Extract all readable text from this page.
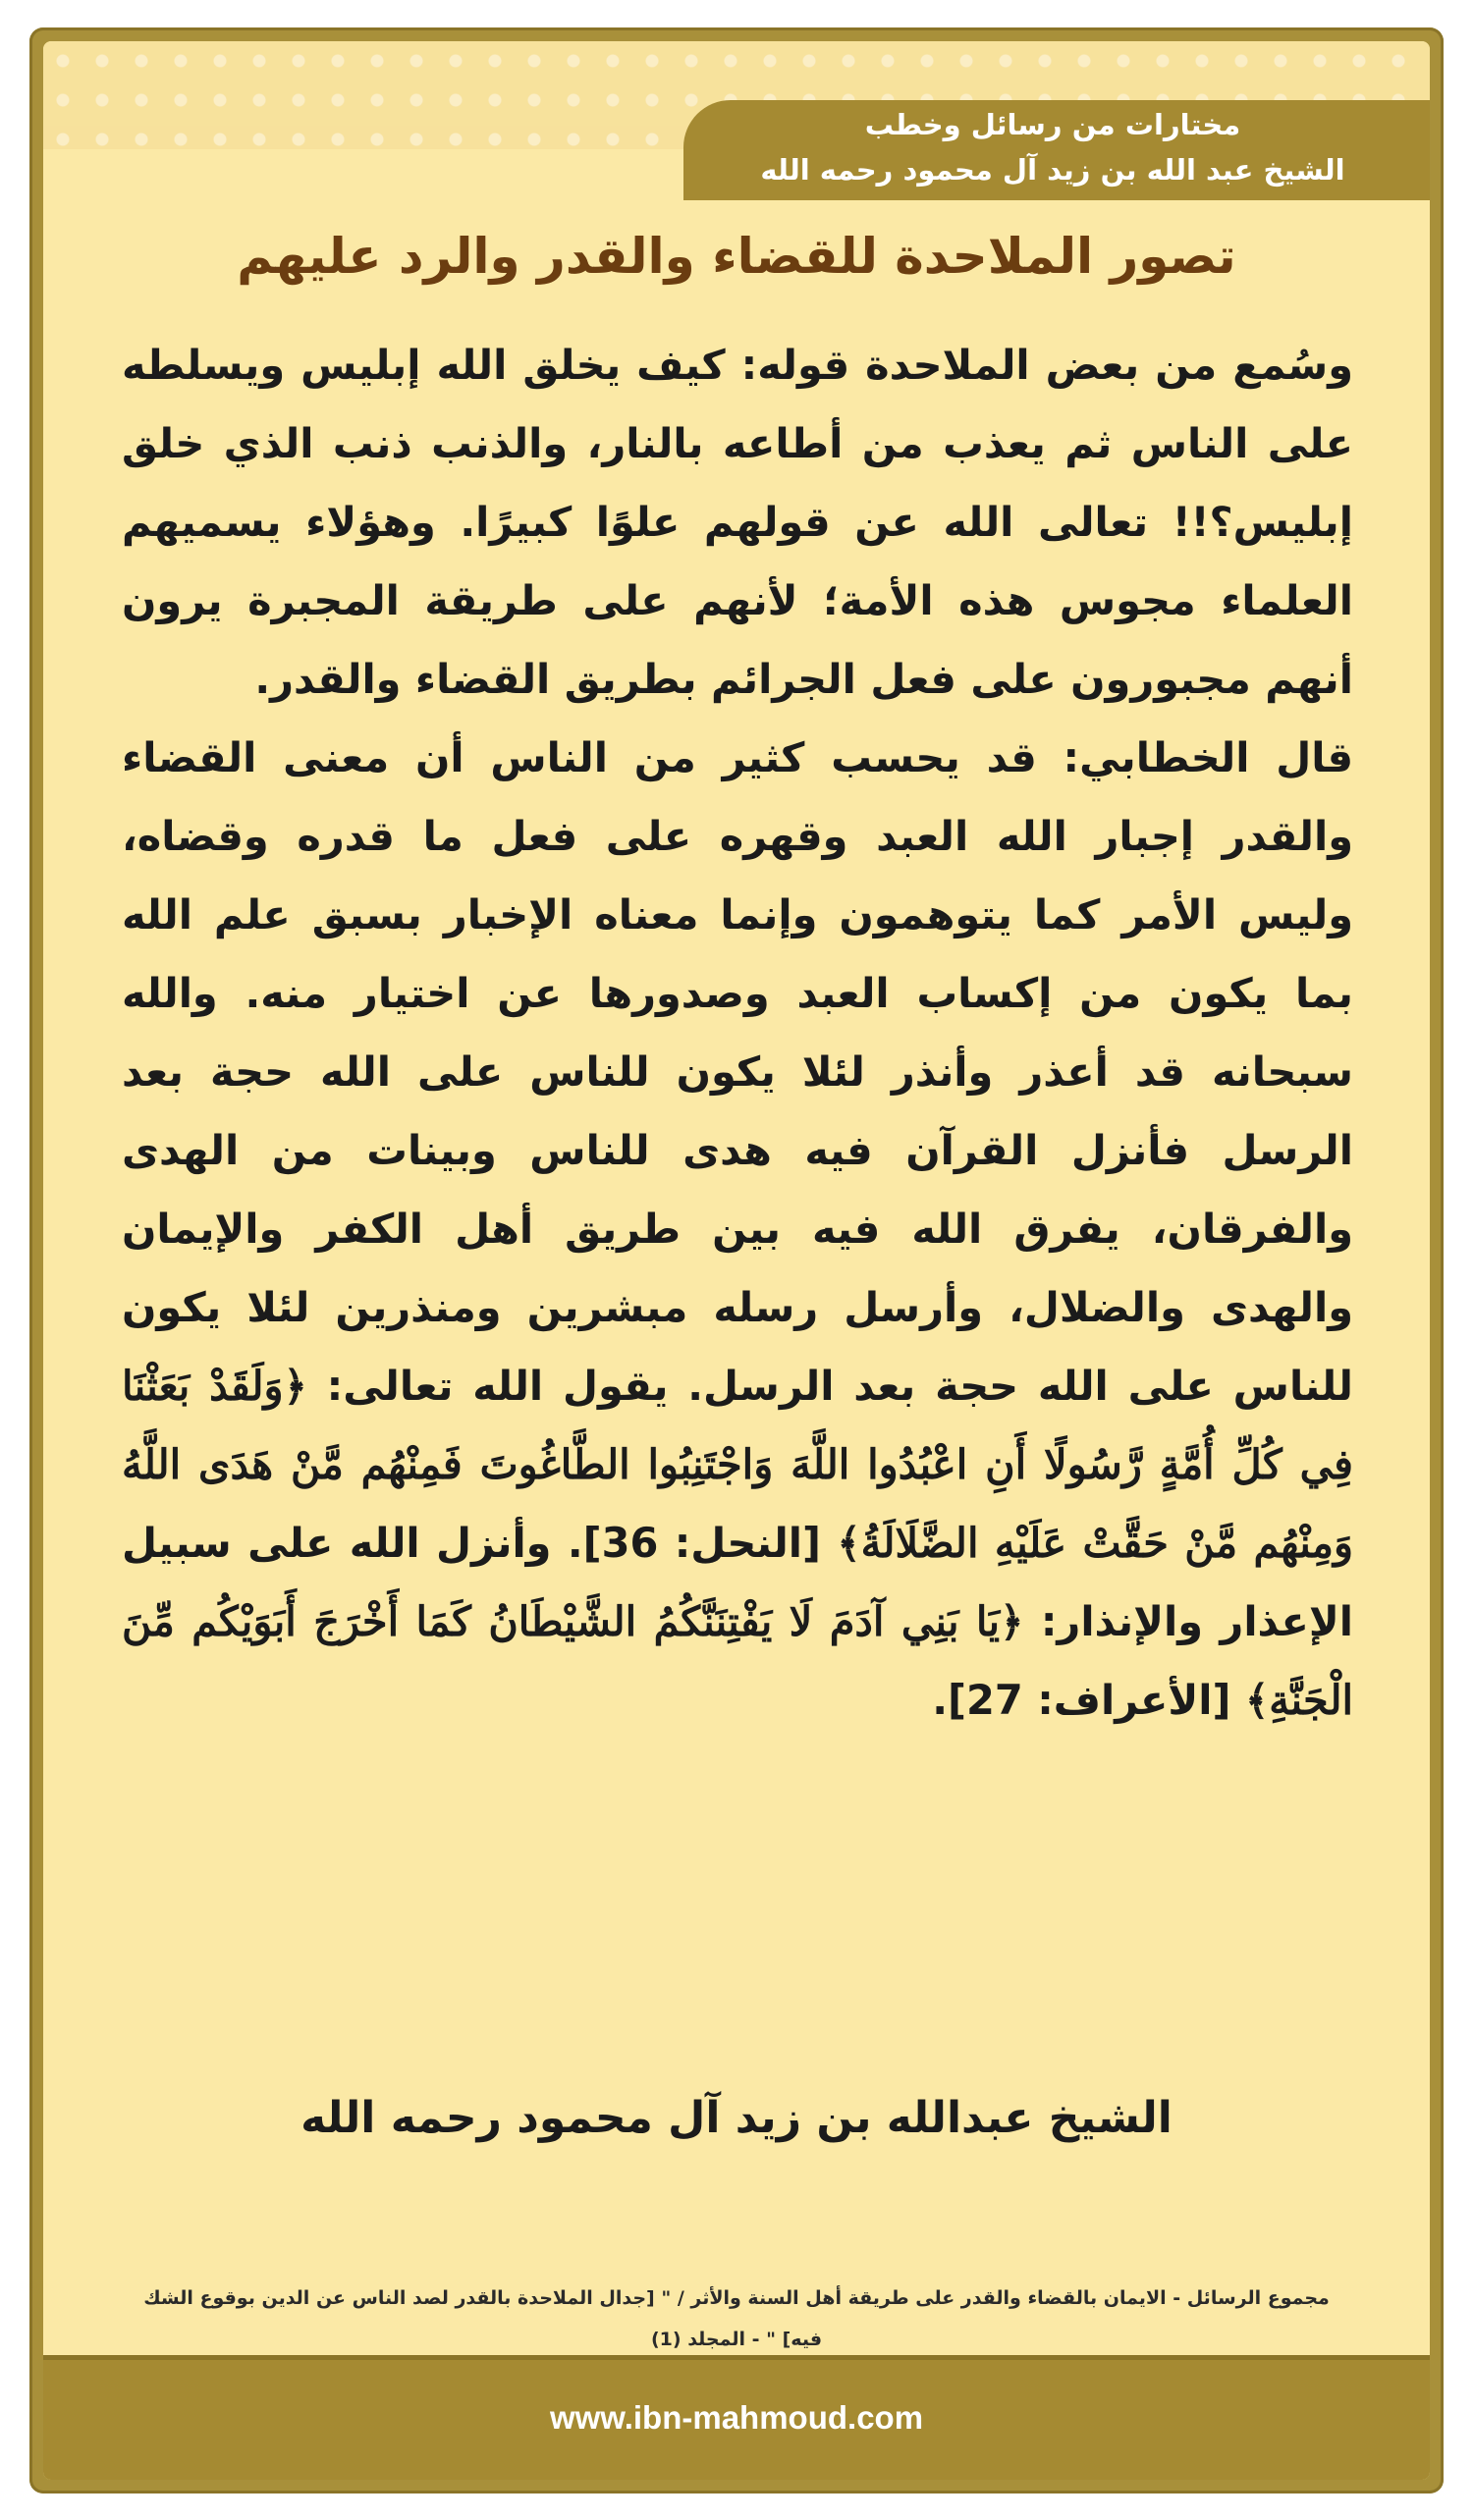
مختارات من رسائل وخطب
الشيخ عبد الله بن زيد آل محمود رحمه الله
تصور الملاحدة للقضاء والقدر والرد عليهم

وسُمع من بعض الملاحدة قوله: كيف يخلق الله إبليس ويسلطه على الناس ثم يعذب من أطاعه بالنار، والذنب ذنب الذي خلق إبليس؟!! تعالى الله عن قولهم علوًا كبيرًا. وهؤلاء يسميهم العلماء مجوس هذه الأمة؛ لأنهم على طريقة المجبرة يرون أنهم مجبورون على فعل الجرائم بطريق القضاء والقدر.

قال الخطابي: قد يحسب كثير من الناس أن معنى القضاء والقدر إجبار الله العبد وقهره على فعل ما قدره وقضاه، وليس الأمر كما يتوهمون وإنما معناه الإخبار بسبق علم الله بما يكون من إكساب العبد وصدورها عن اختيار منه. والله سبحانه قد أعذر وأنذر لئلا يكون للناس على الله حجة بعد الرسل فأنزل القرآن فيه هدى للناس وبينات من الهدى والفرقان، يفرق الله فيه بين طريق أهل الكفر والإيمان والهدى والضلال، وأرسل رسله مبشرين ومنذرين لئلا يكون للناس على الله حجة بعد الرسل. يقول الله تعالى: ﴿وَلَقَدْ بَعَثْنَا فِي كُلِّ أُمَّةٍ رَّسُولًا أَنِ اعْبُدُوا اللَّهَ وَاجْتَنِبُوا الطَّاغُوتَ فَمِنْهُم مَّنْ هَدَى اللَّهُ وَمِنْهُم مَّنْ حَقَّتْ عَلَيْهِ الضَّلَالَةُ﴾ [النحل: 36]. وأنزل الله على سبيل الإعذار والإنذار: ﴿يَا بَنِي آدَمَ لَا يَفْتِنَنَّكُمُ الشَّيْطَانُ كَمَا أَخْرَجَ أَبَوَيْكُم مِّنَ الْجَنَّةِ﴾ [الأعراف: 27].

الشيخ عبدالله بن زيد آل محمود رحمه الله
مجموع الرسائل - الايمان بالقضاء والقدر على طريقة أهل السنة والأثر / " [جدال الملاحدة بالقدر لصد الناس عن الدين بوقوع الشك فيه] " - المجلد (1)
www.ibn-mahmoud.com
